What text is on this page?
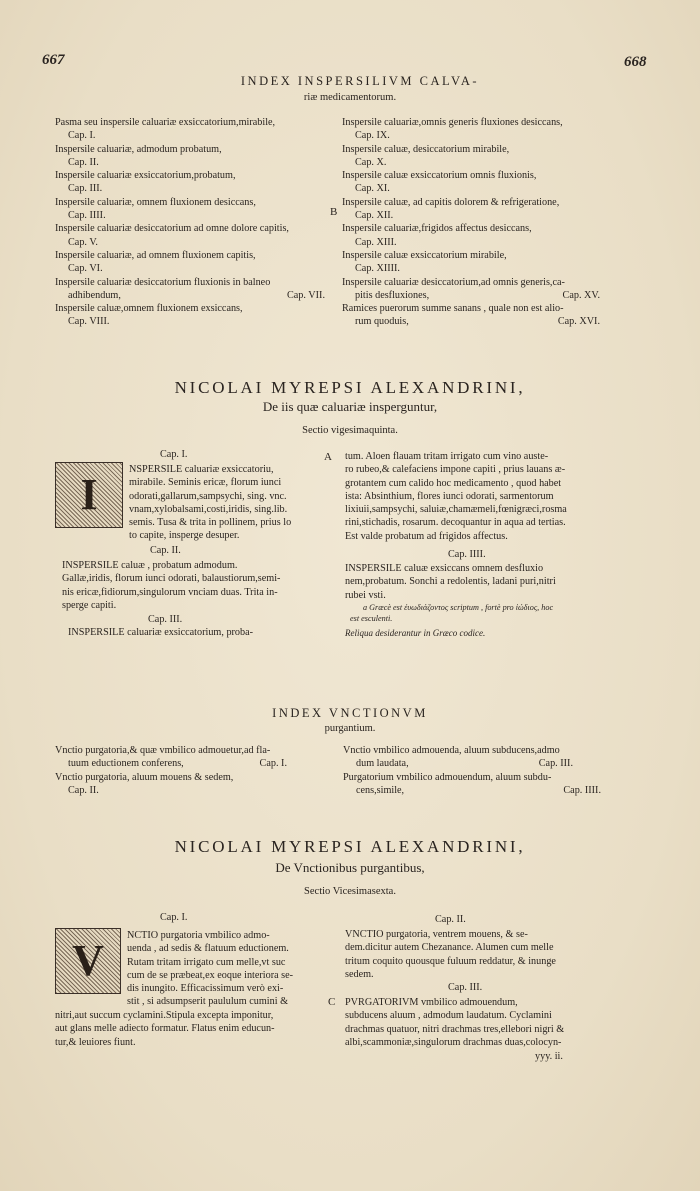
667	668
INDEX INSPERSILIVM CALVA-
riæ medicamentorum.
Pasma seu inspersile caluariæ exsiccatorium,mirabile,
Cap. I.
Inspersile caluariæ, admodum probatum,
Cap. II.
Inspersile caluariæ exsiccatorium,probatum,
Cap. III.
Inspersile caluariæ, omnem fluxionem desiccans,
Cap. IIII.
Inspersile caluariæ desiccatorium ad omne dolore capitis,
Cap. V.
Inspersile caluariæ, ad omnem fluxionem capitis,
Cap. VI.
Inspersile caluariæ desiccatorium fluxionis in balneo
adhibendum,	Cap. VII.
Inspersile caluæ,omnem fluxionem exsiccans,
Cap. VIII.
Inspersile caluariæ,omnis generis fluxiones desiccans,
Cap. IX.
Inspersile caluæ, desiccatorium mirabile,
Cap. X.
Inspersile caluæ exsiccatorium omnis fluxionis,
Cap. XI.
Inspersile caluæ, ad capitis dolorem & refrigeratione,
Cap. XII.
Inspersile caluariæ,frigidos affectus desiccans,
Cap. XIII.
Inspersile caluæ exsiccatorium mirabile,
Cap. XIIII.
Inspersile caluariæ desiccatorium,ad omnis generis,ca-
pitis desfluxiones,	Cap. XV.
Ramices puerorum summe sanans , quale non est alio-
rum quoduis,	Cap. XVI.
B
NICOLAI MYREPSI ALEXANDRINI,
De iis quæ caluariæ insperguntur,
Sectio vigesimaquinta.
Cap. I.	A
I
NSPERSILE caluariæ exsiccatoriu,
mirabile. Seminis ericæ, florum iunci
odorati,gallarum,sampsychi, sing. vnc.
vnam,xylobalsami,costi,iridis, sing.lib.
semis. Tusa & trita in pollinem, prius lo
to capite, insperge desuper.
Cap. II.
INSPERSILE caluæ , probatum admodum.
Gallæ,iridis, florum iunci odorati, balaustiorum,semi-
nis ericæ,fidiorum,singulorum vnciam duas. Trita in-
sperge capiti.
Cap. III.
INSPERSILE caluariæ exsiccatorium, proba-
tum. Aloen flauam tritam irrigato cum vino auste-
ro rubeo,& calefaciens impone capiti , prius lauans æ-
grotantem cum calido hoc medicamento , quod habet
ista: Absinthium, flores iunci odorati, sarmentorum
lixiuii,sampsychi, saluiæ,chamæmeli,fœnigræci,rosma
rini,stichadis, rosarum. decoquantur in aqua ad tertias.
Est valde probatum ad frigidos affectus.
Cap. IIII.
INSPERSILE caluæ exsiccans omnem desfluxio
nem,probatum. Sonchi a redolentis, ladani puri,nitri
rubei vsti.
a Græcè est ἐυωδιάζοντος scriptum , fortè pro ἰώδιος, hoc
est esculenti.
Reliqua desiderantur in Græco codice.
INDEX VNCTIONVM
purgantium.
Vnctio purgatoria,& quæ vmbilico admouetur,ad fla-
tuum eductionem conferens,	Cap. I.
Vnctio purgatoria, aluum mouens & sedem,
Cap. II.
Vnctio vmbilico admouenda, aluum subducens,admo
dum laudata,	Cap. III.
Purgatorium vmbilico admouendum, aluum subdu-
cens,simile,	Cap. IIII.
NICOLAI MYREPSI ALEXANDRINI,
De Vnctionibus purgantibus,
Sectio Vicesimasexta.
Cap. I.
V
NCTIO purgatoria vmbilico admo-
uenda , ad sedis & flatuum eductionem.
Rutam tritam irrigato cum melle,vt suc
cum de se præbeat,ex eoque interiora se-
dis inungito. Efficacissimum verò exi-
stit , si adsumpserit paululum cumini &	C
nitri,aut succum cyclamini.Stipula excepta imponitur,
aut glans melle adiecto formatur. Flatus enim educun-
tur,& leuiores fiunt.
Cap. II.
VNCTIO purgatoria, ventrem mouens, & se-
dem.dicitur autem Chezanance. Alumen cum melle
tritum coquito quousque fuluum reddatur, & inunge
sedem.
Cap. III.
PVRGATORIVM vmbilico admouendum,
subducens aluum , admodum laudatum. Cyclamini
drachmas quatuor, nitri drachmas tres,ellebori nigri &
albi,scammoniæ,singulorum drachmas duas,colocyn-
yyy. ii.
